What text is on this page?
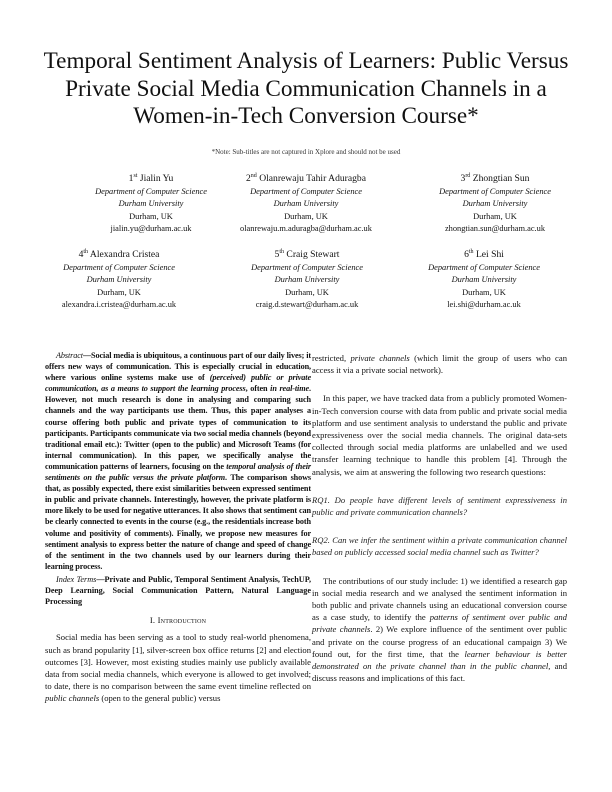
Temporal Sentiment Analysis of Learners: Public Versus Private Social Media Communication Channels in a Women-in-Tech Conversion Course*
*Note: Sub-titles are not captured in Xplore and should not be used
1st Jialin Yu
Department of Computer Science
Durham University
Durham, UK
jialin.yu@durham.ac.uk
2nd Olanrewaju Tahir Aduragba
Department of Computer Science
Durham University
Durham, UK
olanrewaju.m.aduragba@durham.ac.uk
3rd Zhongtian Sun
Department of Computer Science
Durham University
Durham, UK
zhongtian.sun@durham.ac.uk
4th Alexandra Cristea
Department of Computer Science
Durham University
Durham, UK
alexandra.i.cristea@durham.ac.uk
5th Craig Stewart
Department of Computer Science
Durham University
Durham, UK
craig.d.stewart@durham.ac.uk
6th Lei Shi
Department of Computer Science
Durham University
Durham, UK
lei.shi@durham.ac.uk

Abstract—Social media is ubiquitous, a continuous part of our daily lives; it offers new ways of communication. This is especially crucial in education, where various online systems make use of (perceived) public or private communication, as a means to support the learning process, often in real-time. However, not much research is done in analysing and comparing such channels and the way participants use them. Thus, this paper analyses a course offering both public and private types of communication to its participants. Participants communicate via two social media channels (beyond traditional email etc.): Twitter (open to the public) and Microsoft Teams (for internal communication). In this paper, we specifically analyse the communication patterns of learners, focusing on the temporal analysis of their sentiments on the public versus the private platform. The comparison shows that, as possibly expected, there exist similarities between expressed sentiment in public and private channels. Interestingly, however, the private platform is more likely to be used for negative utterances. It also shows that sentiment can be clearly connected to events in the course (e.g., the residentials increase both volume and positivity of comments). Finally, we propose new measures for sentiment analysis to express better the nature of change and speed of change of the sentiment in the two channels used by our learners during their learning process.

Index Terms—Private and Public, Temporal Sentiment Analysis, TechUP, Deep Learning, Social Communication Pattern, Natural Language Processing

I. Introduction

Social media has been serving as a tool to study real-world phenomena, such as brand popularity [1], silver-screen box office returns [2] and election outcomes [3]. However, most existing studies mainly use publicly available data from social media channels, which everyone is allowed to get involved; to date, there is no comparison between the same event timeline reflected on public channels (open to the general public) versus

restricted, private channels (which limit the group of users who can access it via a private social network).

In this paper, we have tracked data from a publicly promoted Women-in-Tech conversion course with data from public and private social media platform and use sentiment analysis to understand the public and private expressiveness over the social media channels. The original data-sets collected through social media platforms are unlabelled and we used transfer learning technique to handle this problem [4]. Through the analysis, we aim at answering the following two research questions:

RQ1. Do people have different levels of sentiment expressiveness in public and private communication channels?

RQ2. Can we infer the sentiment within a private communication channel based on publicly accessed social media channel such as Twitter?

The contributions of our study include: 1) we identified a research gap in social media research and we analysed the sentiment information in both public and private channels using an educational conversion course as a case study, to identify the patterns of sentiment over public and private channels. 2) We explore influence of the sentiment over public and private on the course progress of an educational campaign 3) We found out, for the first time, that the learner behaviour is better demonstrated on the private channel than in the public channel, and discuss reasons and implications of this fact.
